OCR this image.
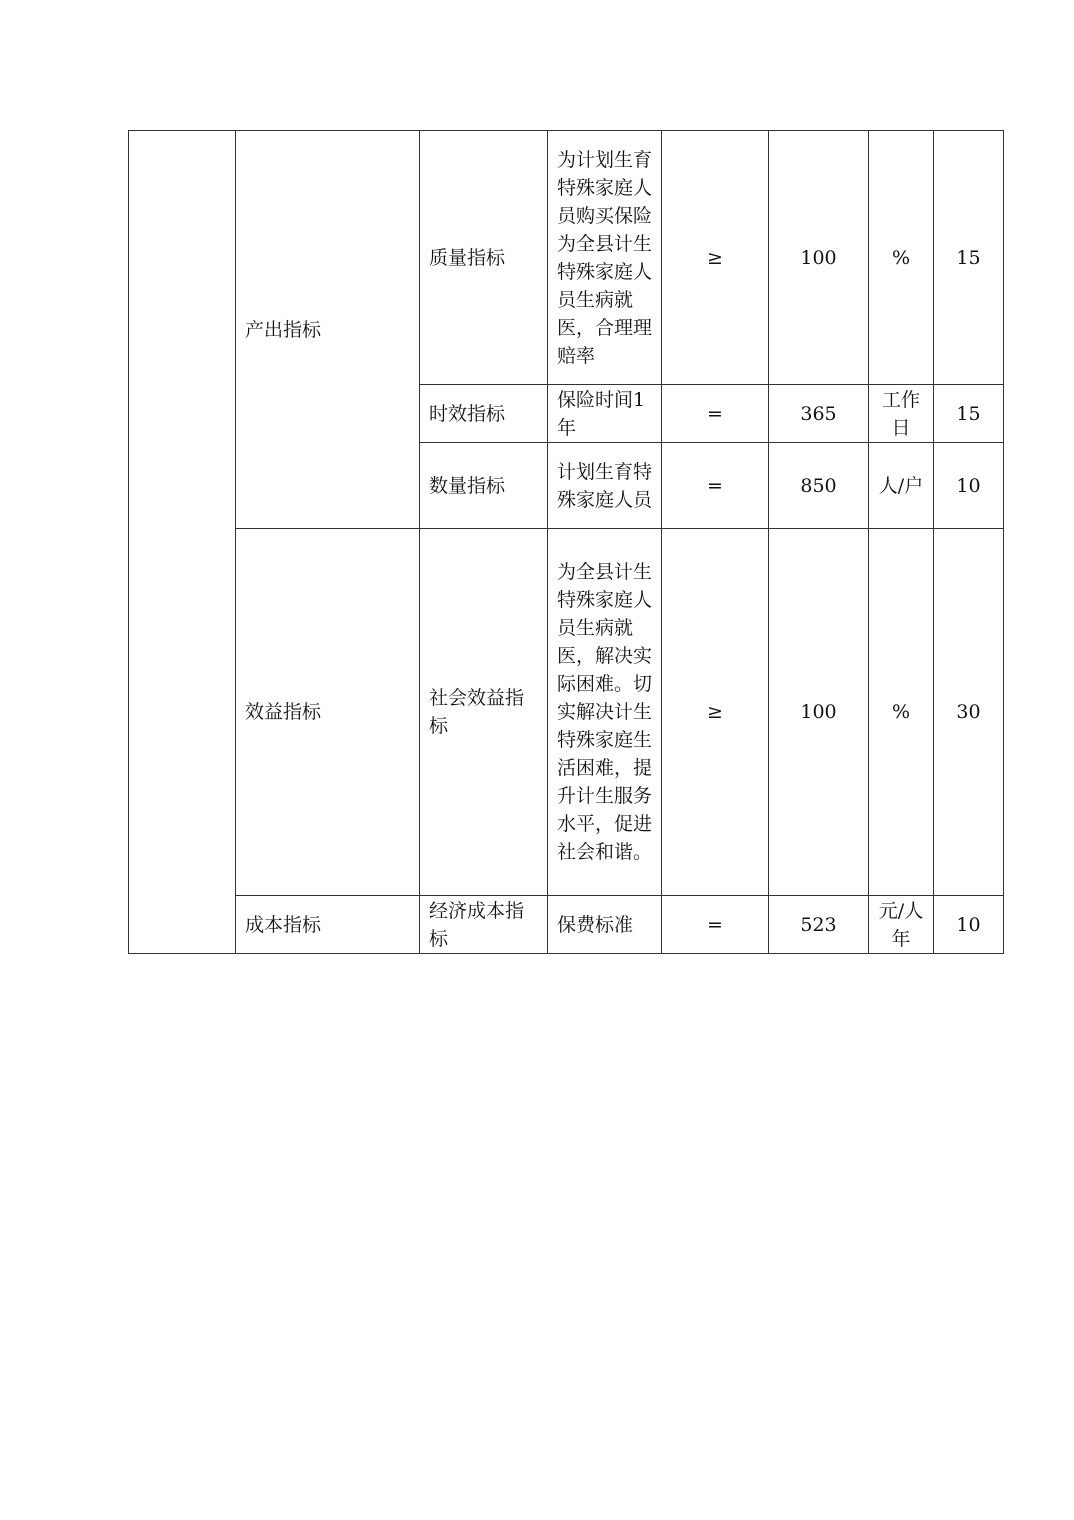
	产出指标	质量指标	为计划生育特殊家庭人员购买保险为全县计生特殊家庭人员生病就医，合理理赔率	≥	100	%	15
		时效指标	保险时间1年	=	365	工作日	15
		数量指标	计划生育特殊家庭人员	=	850	人/户	10
	效益指标	社会效益指标	为全县计生特殊家庭人员生病就医，解决实际困难。切实解决计生特殊家庭生活困难，提升计生服务水平，促进社会和谐。	≥	100	%	30
	成本指标	经济成本指标	保费标准	=	523	元/人年	10
